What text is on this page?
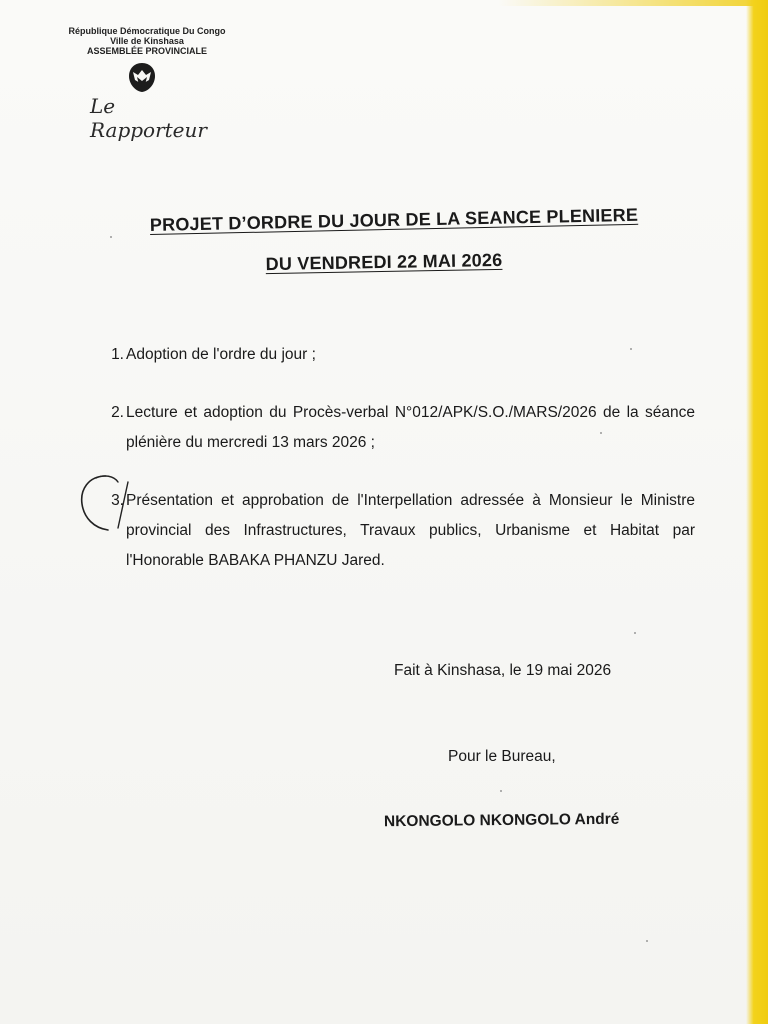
République Démocratique Du Congo
Ville de Kinshasa
ASSEMBLÉE PROVINCIALE
Le Rapporteur
PROJET D’ORDRE DU JOUR DE LA SEANCE PLENIERE
DU VENDREDI 22 MAI 2026
1. Adoption de l'ordre du jour ;
2. Lecture et adoption du Procès-verbal N°012/APK/S.O./MARS/2026 de la séance plénière du mercredi 13 mars 2026 ;
3. Présentation et approbation de l'Interpellation adressée à Monsieur le Ministre provincial des Infrastructures, Travaux publics, Urbanisme et Habitat par l'Honorable BABAKA PHANZU Jared.
Fait à Kinshasa, le 19 mai 2026
Pour le Bureau,
NKONGOLO NKONGOLO André
